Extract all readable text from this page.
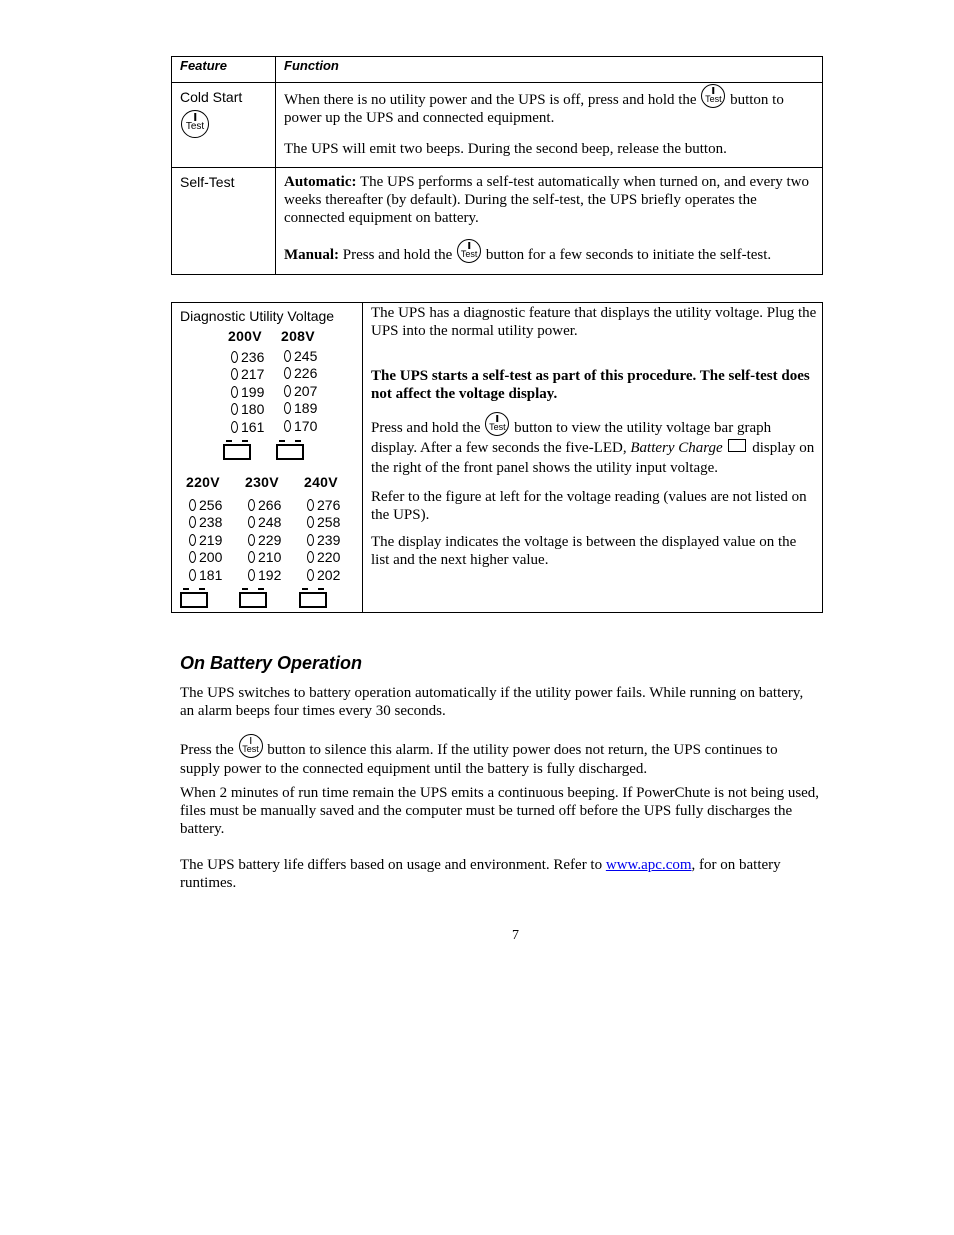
Feature	Function
Cold Start
Test
When there is no utility power and the UPS is off, press and hold the Test button to power up the UPS and connected equipment.
The UPS will emit two beeps. During the second beep, release the button.
Self-Test	Automatic: The UPS performs a self-test automatically when turned on, and every two weeks thereafter (by default). During the self-test, the UPS briefly operates the connected equipment on battery.
Manual: Press and hold the Test button for a few seconds to initiate the self-test.
Diagnostic Utility Voltage
200V
236
217
199
180
161
208V
245
226
207
189
170
220V
256
238
219
200
181
230V
266
248
229
210
192
240V
276
258
239
220
202
The UPS has a diagnostic feature that displays the utility voltage. Plug the UPS into the normal utility power.
The UPS starts a self-test as part of this procedure. The self-test does not affect the voltage display.
Press and hold the Test button to view the utility voltage bar graph display. After a few seconds the five-LED, Battery Charge display on the right of the front panel shows the utility input voltage.
Refer to the figure at left for the voltage reading (values are not listed on the UPS).
The display indicates the voltage is between the displayed value on the list and the next higher value.
On Battery Operation
The UPS switches to battery operation automatically if the utility power fails. While running on battery, an alarm beeps four times every 30 seconds.
Press the Test button to silence this alarm. If the utility power does not return, the UPS continues to supply power to the connected equipment until the battery is fully discharged.
When 2 minutes of run time remain the UPS emits a continuous beeping. If PowerChute is not being used, files must be manually saved and the computer must be turned off before the UPS fully discharges the battery.
The UPS battery life differs based on usage and environment. Refer to www.apc.com, for on battery runtimes.
7
